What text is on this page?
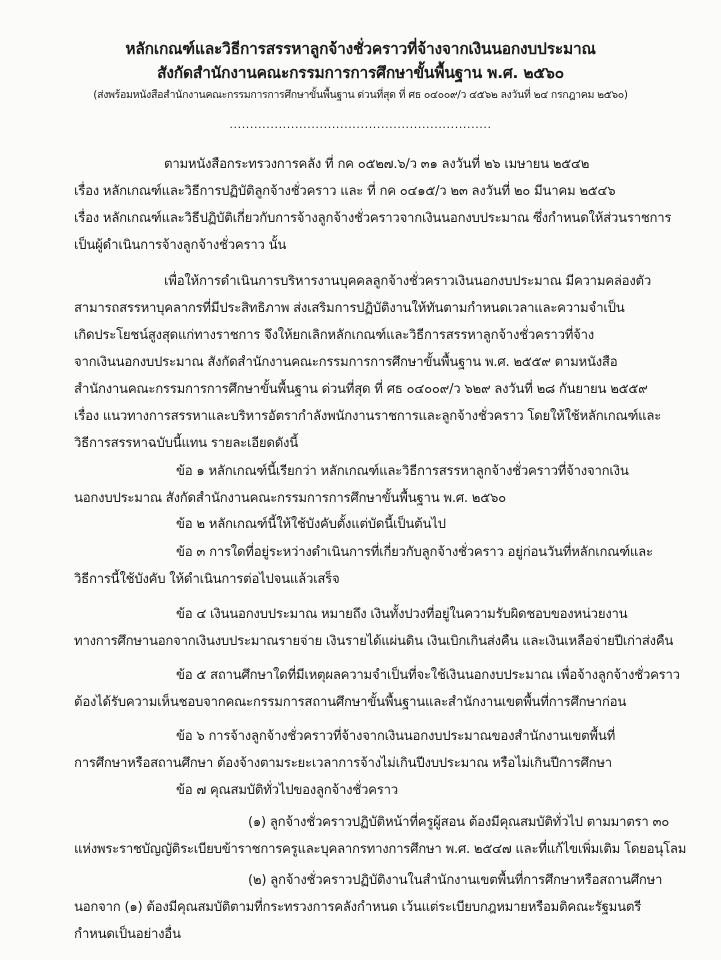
หลักเกณฑ์และวิธีการสรรหาลูกจ้างชั่วคราวที่จ้างจากเงินนอกงบประมาณ
สังกัดสำนักงานคณะกรรมการการศึกษาขั้นพื้นฐาน พ.ศ. ๒๕๖๐
(ส่งพร้อมหนังสือสำนักงานคณะกรรมการการศึกษาขั้นพื้นฐาน ด่วนที่สุด ที่ ศธ ๐๔๐๐๙/ว ๔๕๖๒ ลงวันที่ ๒๔ กรกฎาคม ๒๕๖๐)
................................................................
ตามหนังสือกระทรวงการคลัง ที่ กค ๐๕๒๗.๖/ว ๓๑ ลงวันที่ ๒๖ เมษายน ๒๕๔๒
เรื่อง หลักเกณฑ์และวิธีการปฏิบัติลูกจ้างชั่วคราว และ ที่ กค ๐๔๑๕/ว ๒๓ ลงวันที่ ๒๐ มีนาคม ๒๕๔๖
เรื่อง หลักเกณฑ์และวิธีปฏิบัติเกี่ยวกับการจ้างลูกจ้างชั่วคราวจากเงินนอกงบประมาณ ซึ่งกำหนดให้ส่วนราชการ
เป็นผู้ดำเนินการจ้างลูกจ้างชั่วคราว นั้น
เพื่อให้การดำเนินการบริหารงานบุคคลลูกจ้างชั่วคราวเงินนอกงบประมาณ มีความคล่องตัว
สามารถสรรหาบุคลากรที่มีประสิทธิภาพ ส่งเสริมการปฏิบัติงานให้ทันตามกำหนดเวลาและความจำเป็น
เกิดประโยชน์สูงสุดแก่ทางราชการ จึงให้ยกเลิกหลักเกณฑ์และวิธีการสรรหาลูกจ้างชั่วคราวที่จ้าง
จากเงินนอกงบประมาณ สังกัดสำนักงานคณะกรรมการการศึกษาขั้นพื้นฐาน พ.ศ. ๒๕๕๙ ตามหนังสือ
สำนักงานคณะกรรมการการศึกษาขั้นพื้นฐาน ด่วนที่สุด ที่ ศธ ๐๔๐๐๙/ว ๖๒๙ ลงวันที่ ๒๘ กันยายน ๒๕๕๙
เรื่อง แนวทางการสรรหาและบริหารอัตรากำลังพนักงานราชการและลูกจ้างชั่วคราว โดยให้ใช้หลักเกณฑ์และ
วิธีการสรรหาฉบับนี้แทน รายละเอียดดังนี้
ข้อ ๑ หลักเกณฑ์นี้เรียกว่า หลักเกณฑ์และวิธีการสรรหาลูกจ้างชั่วคราวที่จ้างจากเงิน
นอกงบประมาณ สังกัดสำนักงานคณะกรรมการการศึกษาขั้นพื้นฐาน พ.ศ. ๒๕๖๐
ข้อ ๒ หลักเกณฑ์นี้ให้ใช้บังคับตั้งแต่บัดนี้เป็นต้นไป
ข้อ ๓ การใดที่อยู่ระหว่างดำเนินการที่เกี่ยวกับลูกจ้างชั่วคราว อยู่ก่อนวันที่หลักเกณฑ์และ
วิธีการนี้ใช้บังคับ ให้ดำเนินการต่อไปจนแล้วเสร็จ
ข้อ ๔ เงินนอกงบประมาณ หมายถึง เงินทั้งปวงที่อยู่ในความรับผิดชอบของหน่วยงาน
ทางการศึกษานอกจากเงินงบประมาณรายจ่าย เงินรายได้แผ่นดิน เงินเบิกเกินส่งคืน และเงินเหลือจ่ายปีเก่าส่งคืน
ข้อ ๕ สถานศึกษาใดที่มีเหตุผลความจำเป็นที่จะใช้เงินนอกงบประมาณ เพื่อจ้างลูกจ้างชั่วคราว
ต้องได้รับความเห็นชอบจากคณะกรรมการสถานศึกษาขั้นพื้นฐานและสำนักงานเขตพื้นที่การศึกษาก่อน
ข้อ ๖ การจ้างลูกจ้างชั่วคราวที่จ้างจากเงินนอกงบประมาณของสำนักงานเขตพื้นที่
การศึกษาหรือสถานศึกษา ต้องจ้างตามระยะเวลาการจ้างไม่เกินปีงบประมาณ หรือไม่เกินปีการศึกษา
ข้อ ๗ คุณสมบัติทั่วไปของลูกจ้างชั่วคราว
(๑) ลูกจ้างชั่วคราวปฏิบัติหน้าที่ครูผู้สอน ต้องมีคุณสมบัติทั่วไป ตามมาตรา ๓๐
แห่งพระราชบัญญัติระเบียบข้าราชการครูและบุคลากรทางการศึกษา พ.ศ. ๒๕๔๗ และที่แก้ไขเพิ่มเติม โดยอนุโลม
(๒) ลูกจ้างชั่วคราวปฏิบัติงานในสำนักงานเขตพื้นที่การศึกษาหรือสถานศึกษา
นอกจาก (๑) ต้องมีคุณสมบัติตามที่กระทรวงการคลังกำหนด เว้นแต่ระเบียบกฎหมายหรือมติคณะรัฐมนตรี
กำหนดเป็นอย่างอื่น
